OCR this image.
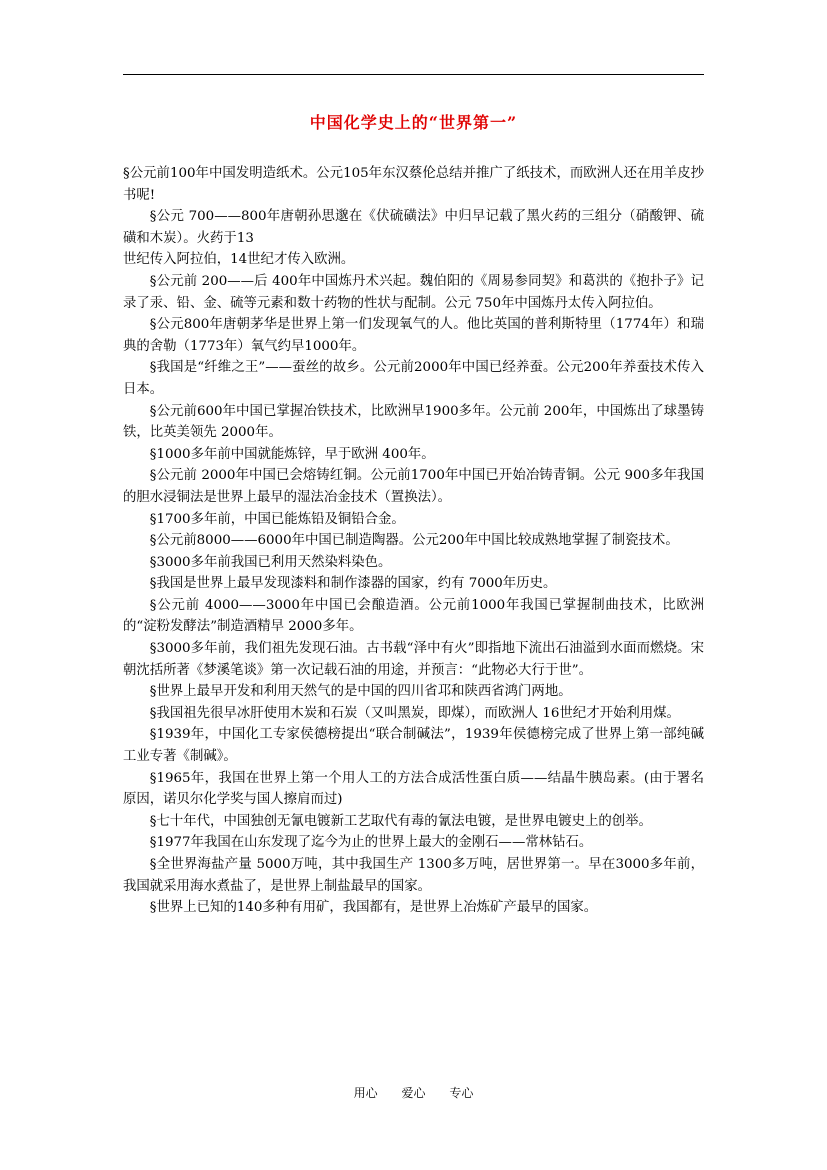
中国化学史上的“世界第一”

§公元前100年中国发明造纸术。公元105年东汉蔡伦总结并推广了纸技术，而欧洲人还在用羊皮抄书呢!

§公元 700——800年唐朝孙思邈在《伏硫磺法》中归早记载了黑火药的三组分（硝酸钾、硫磺和木炭）。火药于13

世纪传入阿拉伯，14世纪才传入欧洲。

§公元前 200——后 400年中国炼丹术兴起。魏伯阳的《周易参同契》和葛洪的《抱扑子》记录了汞、铅、金、硫等元素和数十药物的性状与配制。公元 750年中国炼丹太传入阿拉伯。

§公元800年唐朝茅华是世界上第一们发现氧气的人。他比英国的普利斯特里（1774年）和瑞典的舍勒（1773年）氧气约早1000年。

§我国是“纤维之王”——蚕丝的故乡。公元前2000年中国已经养蚕。公元200年养蚕技术传入日本。

§公元前600年中国已掌握冶铁技术，比欧洲早1900多年。公元前 200年，中国炼出了球墨铸铁，比英美领先 2000年。

§1000多年前中国就能炼锌，早于欧洲 400年。

§公元前 2000年中国已会熔铸红铜。公元前1700年中国已开始冶铸青铜。公元 900多年我国的胆水浸铜法是世界上最早的湿法冶金技术（置换法）。

§1700多年前，中国已能炼铅及铜铅合金。

§公元前8000——6000年中国已制造陶器。公元200年中国比较成熟地掌握了制瓷技术。

§3000多年前我国已利用天然染料染色。

§我国是世界上最早发现漆料和制作漆器的国家，约有 7000年历史。

§公元前 4000——3000年中国已会酿造酒。公元前1000年我国已掌握制曲技术，比欧洲的“淀粉发酵法”制造酒精早 2000多年。

§3000多年前，我们祖先发现石油。古书载“泽中有火”即指地下流出石油溢到水面而燃烧。宋朝沈括所著《梦溪笔谈》第一次记载石油的用途，并预言：“此物必大行于世”。

§世界上最早开发和利用天然气的是中国的四川省邛和陕西省鸿门两地。

§我国祖先很早冰肝使用木炭和石炭（又叫黑炭，即煤），而欧洲人 16世纪才开始利用煤。

§1939年，中国化工专家侯德榜提出“联合制碱法”，1939年侯德榜完成了世界上第一部纯碱工业专著《制碱》。

§1965年，我国在世界上第一个用人工的方法合成活性蛋白质——结晶牛胰岛素。(由于署名原因，诺贝尔化学奖与国人擦肩而过)

§七十年代，中国独创无氰电镀新工艺取代有毒的氰法电镀，是世界电镀史上的创举。

§1977年我国在山东发现了迄今为止的世界上最大的金刚石——常林钻石。

§全世界海盐产量 5000万吨，其中我国生产 1300多万吨，居世界第一。早在3000多年前，我国就采用海水煮盐了，是世界上制盐最早的国家。

§世界上已知的140多种有用矿，我国都有，是世界上冶炼矿产最早的国家。

用心 爱心 专心
